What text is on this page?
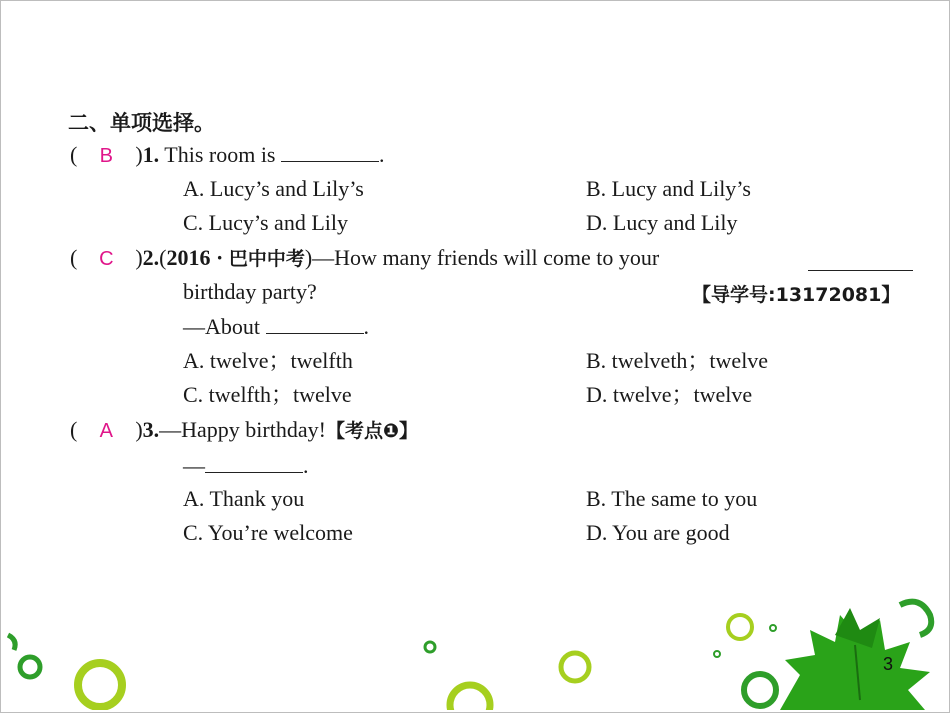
二、单项选择。
( B )1. This room is	.
A. Lucy’s and Lily’s	B. Lucy and Lily’s
C. Lucy’s and Lily	D. Lucy and Lily
( C )2.(2016 · 巴中中考)—How many friends will come to your
birthday party?	【导学号:13172081】
—About	.
A. twelve；twelfth	B. twelveth；twelve
C. twelfth；twelve	D. twelve；twelve
( A )3.—Happy birthday!【考点❶】
—	.
A. Thank you	B. The same to you
C. You’re welcome	D. You are good
3
